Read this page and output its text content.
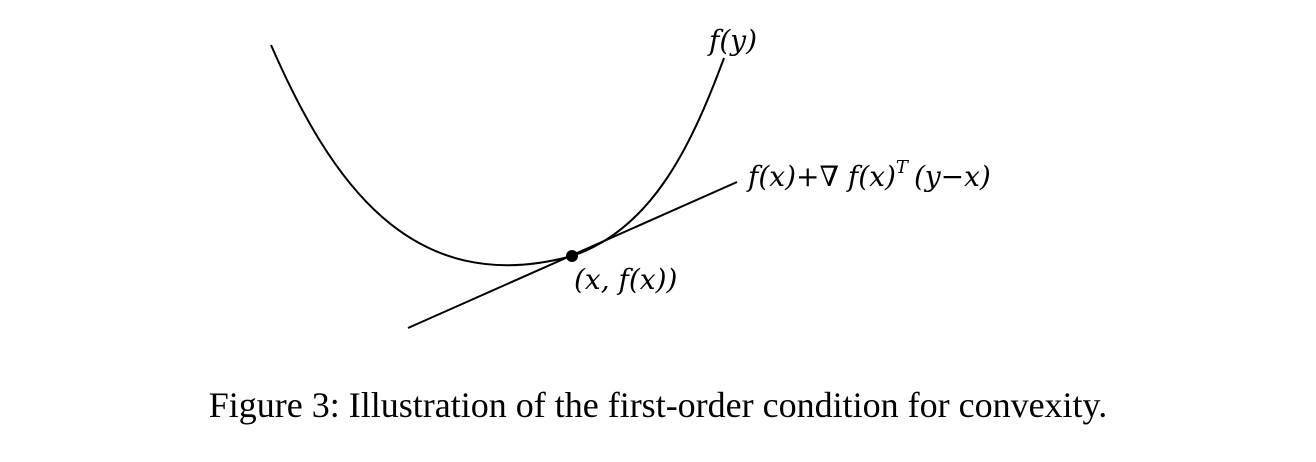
f(y)
f(x)+∇ $f(x)^T$ (y−x)
(x, f(x))
Figure 3: Illustration of the first-order condition for convexity.
